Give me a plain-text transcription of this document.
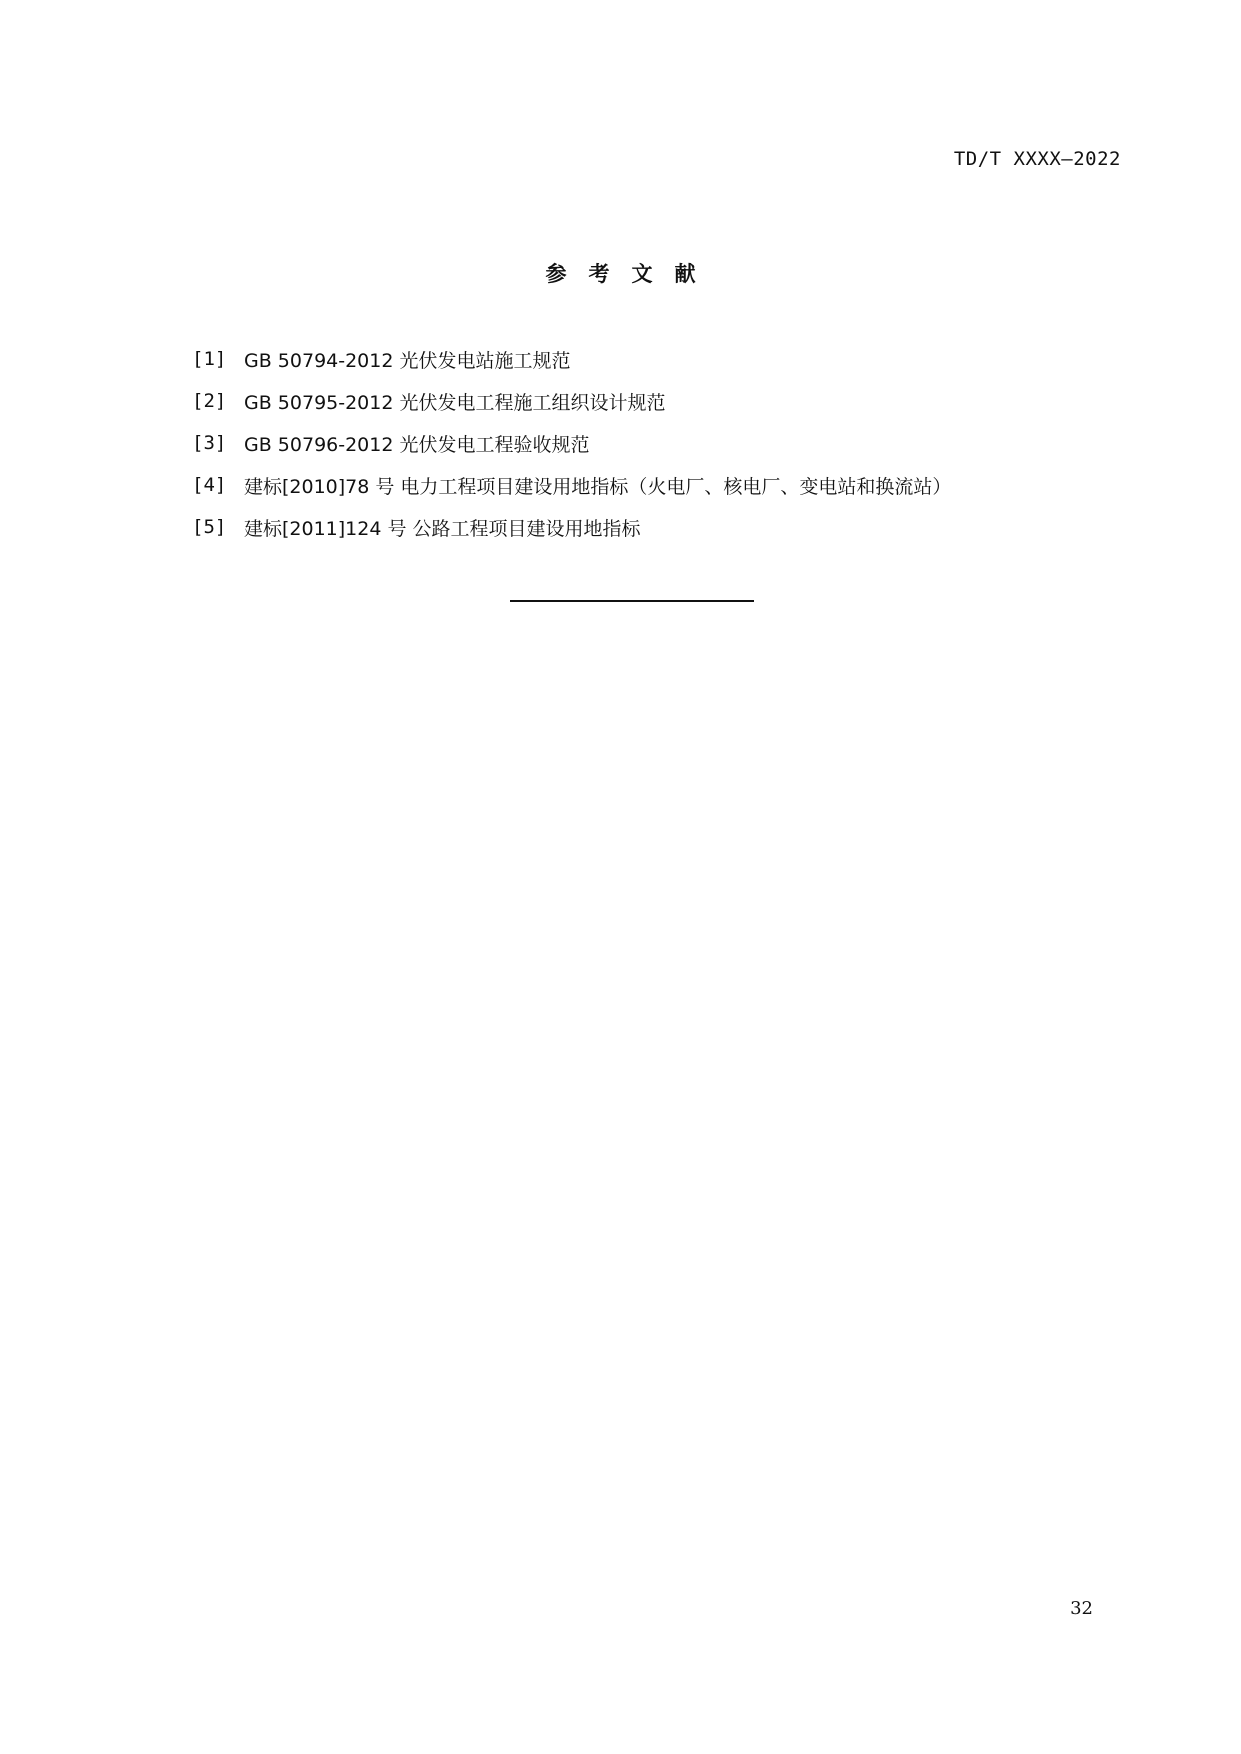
TD/T XXXX—2022
参考文献
[1] GB 50794-2012 光伏发电站施工规范
[2] GB 50795-2012 光伏发电工程施工组织设计规范
[3] GB 50796-2012 光伏发电工程验收规范
[4] 建标[2010]78 号 电力工程项目建设用地指标（火电厂、核电厂、变电站和换流站）
[5] 建标[2011]124 号 公路工程项目建设用地指标
32
